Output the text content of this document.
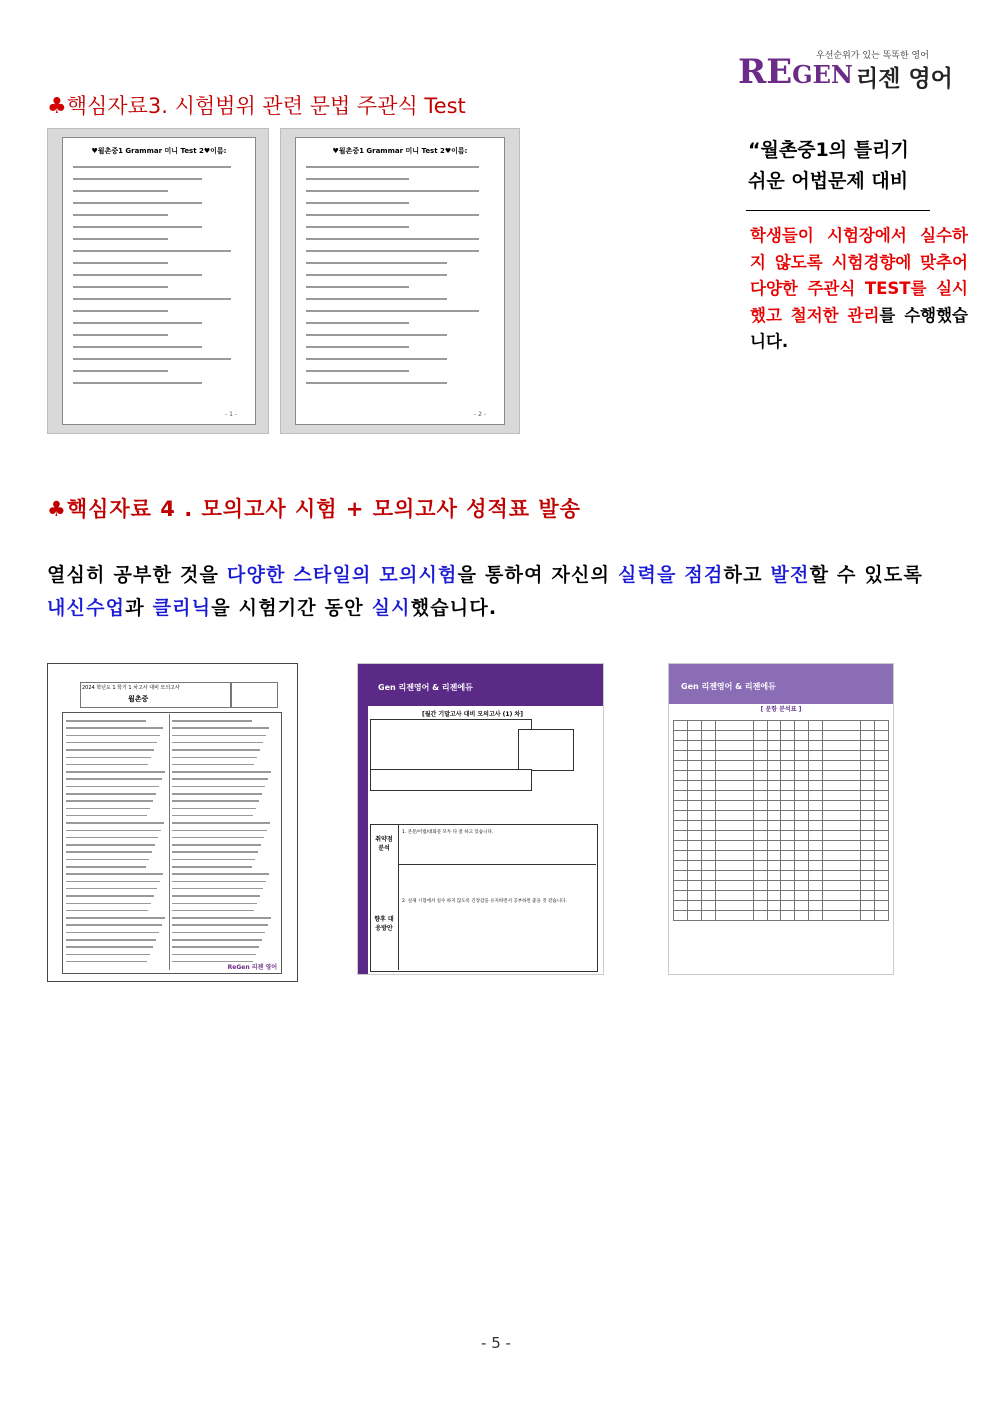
우선순위가 있는 똑똑한 영어
REGEN 리젠 영어
♣핵심자료3. 시험범위 관련 문법 주관식 Test
♥월촌중1 Grammar 미니 Test 2♥이름:
- 1 -
♥월촌중1 Grammar 미니 Test 2♥이름:
- 2 -
“월촌중1의 틀리기
쉬운 어법문제 대비
학생들이 시험장에서 실수하지 않도록 시험경향에 맞추어 다양한 주관식 TEST를 실시했고 철저한 관리를 수행했습니다.
♣핵심자료 4 . 모의고사 시험 + 모의고사 성적표 발송
열심히 공부한 것을 다양한 스타일의 모의시험을 통하여 자신의 실력을 점검하고 발전할 수 있도록 내신수업과 클리닉을 시험기간 동안 실시했습니다.
2024 학년도 1 학기 1 차고사 대비 모의고사
월촌중
ReGen 리젠 영어
Gen 리젠영어 & 리젠에듀
[월간 기말고사 대비 모의고사 (1) 차]
취약점 분석
향후 대응방안
1. 본문/어법/대화문 모두 다 잘 하고 있습니다.
2. 실제 시험에서 실수 하지 않도록 긴장감을 유지하면서 공부하면 좋을 것 같습니다.
Gen 리젠영어 & 리젠에듀
[ 문항 분석표 ]

- 5 -
